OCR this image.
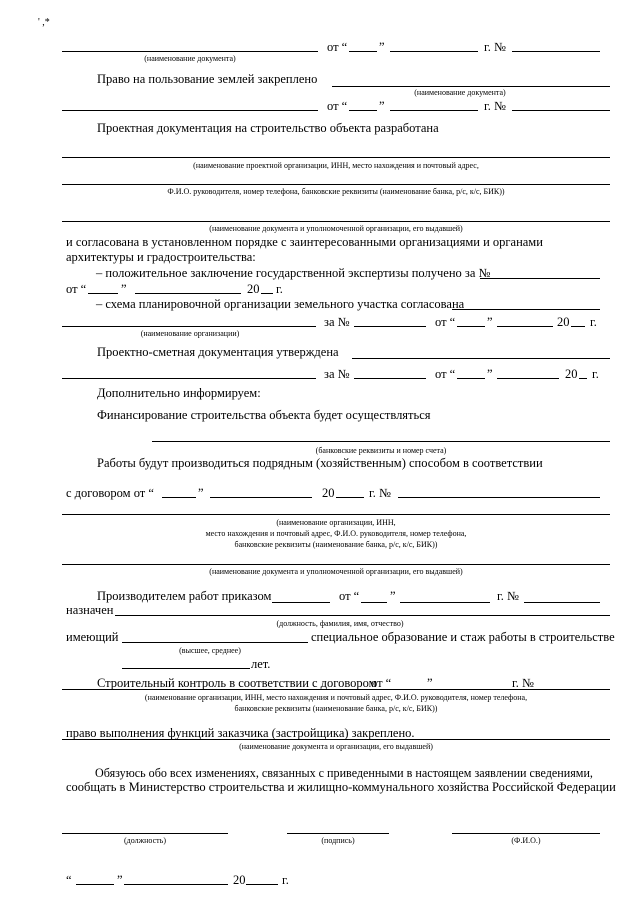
' ,*
от “	”	г. №
(наименование документа)
Право на пользование землей закреплено
(наименование документа)
от “	”	г. №
Проектная документация на строительство объекта разработана
(наименование проектной организации, ИНН, место нахождения и почтовый адрес,
Ф.И.О. руководителя, номер телефона, банковские реквизиты (наименование банка, р/с, к/с, БИК))
(наименование документа и уполномоченной организации, его выдавшей)
и согласована в установленном порядке с заинтересованными организациями и органами
архитектуры и градостроительства:
– положительное заключение государственной экспертизы получено за №
от “	”	20 г.
– схема планировочной организации земельного участка согласована
за №	от “	”	20 г.
(наименование организации)
Проектно-сметная документация утверждена
за №	от “	”	20 г.
Дополнительно информируем:
Финансирование строительства объекта будет осуществляться
(банковские реквизиты и номер счета)
Работы будут производиться подрядным (хозяйственным) способом в соответствии
с договором от “	”	20	г. №
(наименование организации, ИНН,
место нахождения и почтовый адрес, Ф.И.О. руководителя, номер телефона,
банковские реквизиты (наименование банка, р/с, к/с, БИК))
(наименование документа и уполномоченной организации, его выдавшей)
Производителем работ приказом	от “ ”	г. №
назначен
(должность, фамилия, имя, отчество)
имеющий	специальное образование и стаж работы в строительстве
(высшее, среднее)
лет.
Строительный контроль в соответствии с договором
от “	”	г. №
(наименование организации, ИНН, место нахождения и почтовый адрес, Ф.И.О. руководителя, номер телефона,
банковские реквизиты (наименование банка, р/с, к/с, БИК))
право выполнения функций заказчика (застройщика) закреплено.
(наименование документа и организации, его выдавшей)
Обязуюсь обо всех изменениях, связанных с приведенными в настоящем заявлении сведениями,
сообщать в Министерство строительства и жилищно-коммунального хозяйства Российской Федерации
(должность)	(подпись)	(Ф.И.О.)
“	”	20	г.
